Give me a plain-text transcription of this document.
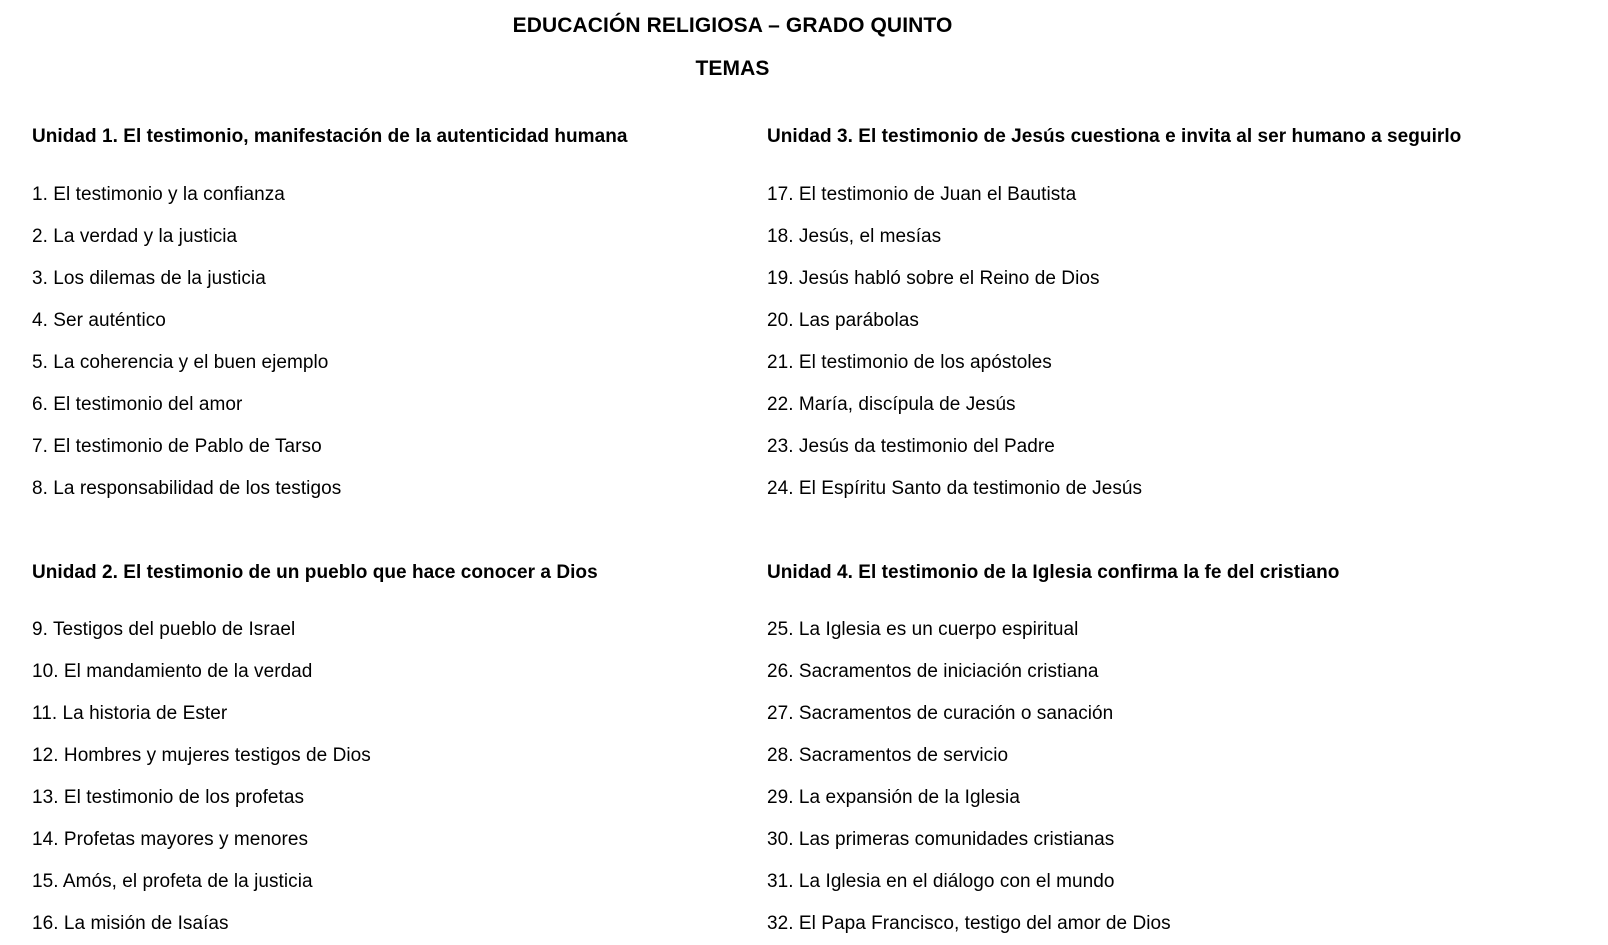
EDUCACIÓN RELIGIOSA – GRADO QUINTO
TEMAS
Unidad 1. El testimonio, manifestación de la autenticidad humana
1. El testimonio y la confianza
2. La verdad y la justicia
3. Los dilemas de la justicia
4. Ser auténtico
5. La coherencia y el buen ejemplo
6. El testimonio del amor
7. El testimonio de Pablo de Tarso
8. La responsabilidad de los testigos
Unidad 2. El testimonio de un pueblo que hace conocer a Dios
9. Testigos del pueblo de Israel
10. El mandamiento de la verdad
11. La historia de Ester
12. Hombres y mujeres testigos de Dios
13. El testimonio de los profetas
14. Profetas mayores y menores
15. Amós, el profeta de la justicia
16. La misión de Isaías
Unidad 3. El testimonio de Jesús cuestiona e invita al ser humano a seguirlo
17. El testimonio de Juan el Bautista
18. Jesús, el mesías
19. Jesús habló sobre el Reino de Dios
20. Las parábolas
21. El testimonio de los apóstoles
22. María, discípula de Jesús
23. Jesús da testimonio del Padre
24. El Espíritu Santo da testimonio de Jesús
Unidad 4. El testimonio de la Iglesia confirma la fe del cristiano
25. La Iglesia es un cuerpo espiritual
26. Sacramentos de iniciación cristiana
27. Sacramentos de curación o sanación
28. Sacramentos de servicio
29. La expansión de la Iglesia
30. Las primeras comunidades cristianas
31. La Iglesia en el diálogo con el mundo
32. El Papa Francisco, testigo del amor de Dios
